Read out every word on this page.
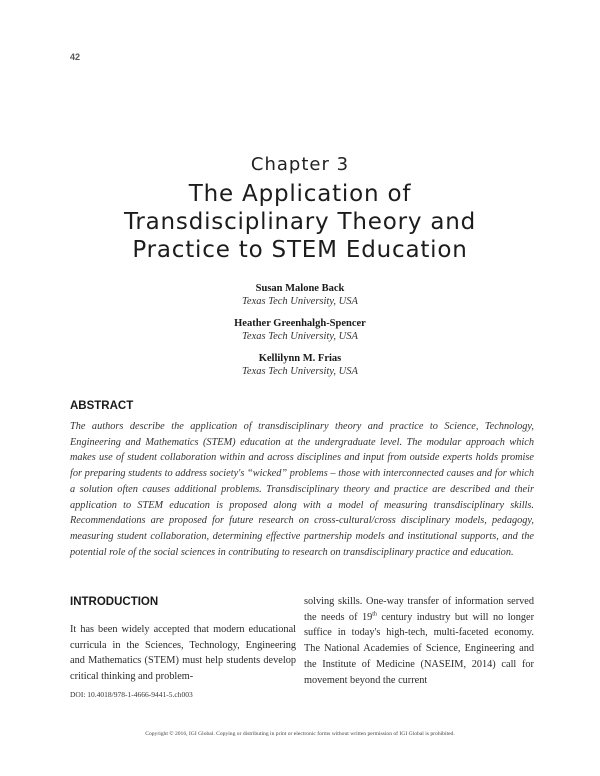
42
Chapter 3
The Application of
Transdisciplinary Theory and
Practice to STEM Education
Susan Malone Back
Texas Tech University, USA
Heather Greenhalgh-Spencer
Texas Tech University, USA
Kellilynn M. Frias
Texas Tech University, USA
ABSTRACT

The authors describe the application of transdisciplinary theory and practice to Science, Technology, Engineering and Mathematics (STEM) education at the undergraduate level. The modular approach which makes use of student collaboration within and across disciplines and input from outside experts holds promise for preparing students to address society's “wicked” problems – those with interconnected causes and for which a solution often causes additional problems. Transdisciplinary theory and practice are described and their application to STEM education is proposed along with a model of measuring transdisciplinary skills. Recommendations are proposed for future research on cross-cultural/cross disciplinary models, pedagogy, measuring student collaboration, determining effective partnership models and institutional supports, and the potential role of the social sciences in contributing to research on transdisciplinary practice and education.

INTRODUCTION

It has been widely accepted that modern educational curricula in the Sciences, Technology, Engineering and Mathematics (STEM) must help students develop critical thinking and problem-

solving skills. One-way transfer of information served the needs of 19th century industry but will no longer suffice in today's high-tech, multi-faceted economy. The National Academies of Science, Engineering and the Institute of Medicine (NASEIM, 2014) call for movement beyond the current

DOI: 10.4018/978-1-4666-9441-5.ch003
Copyright © 2016, IGI Global. Copying or distributing in print or electronic forms without written permission of IGI Global is prohibited.
